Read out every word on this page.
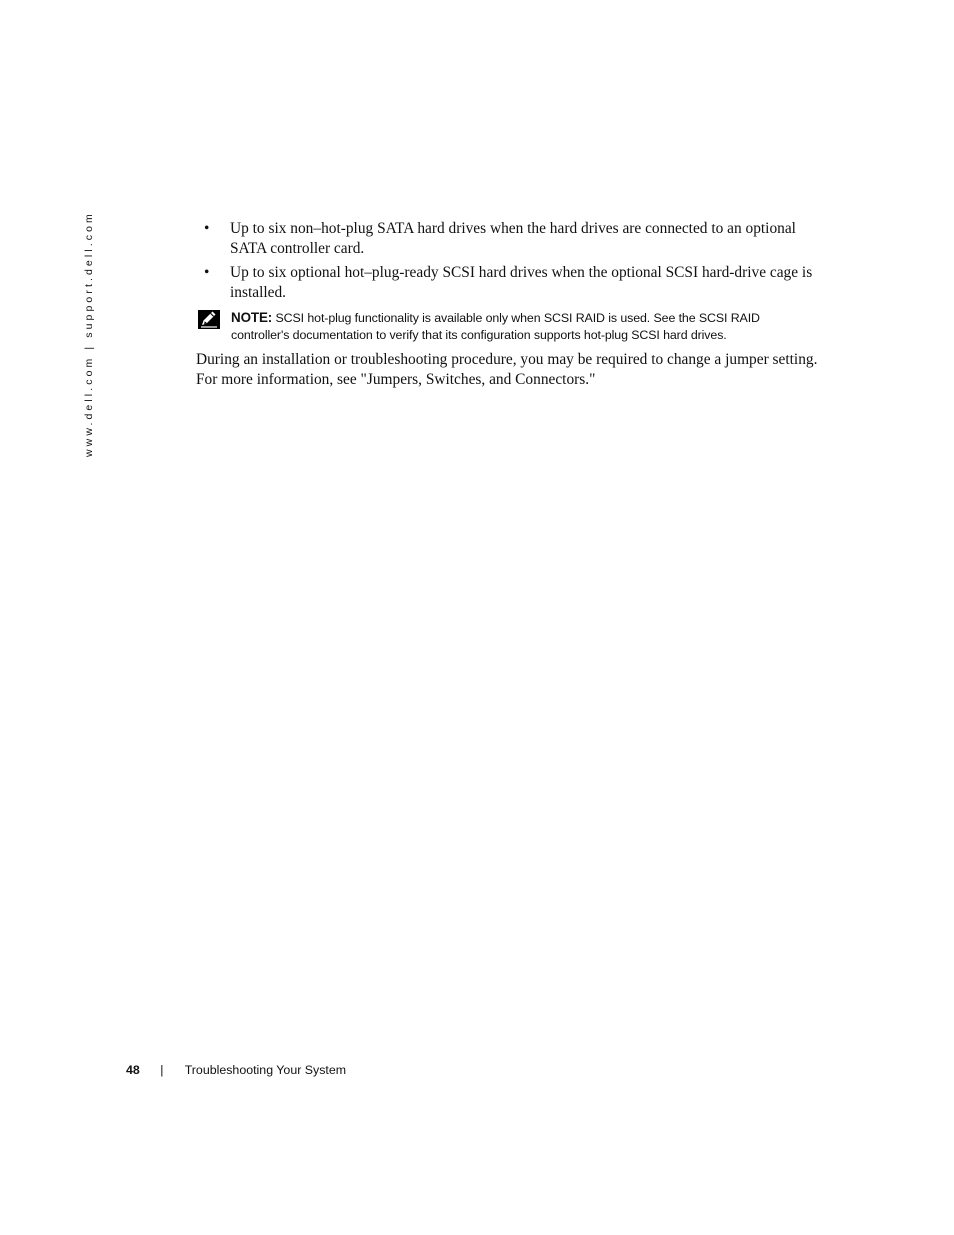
www.dell.com | support.dell.com	• Up to six non–hot-plug SATA hard drives when the hard drives are connected to an optional SATA controller card.
• Up to six optional hot–plug-ready SCSI hard drives when the optional SCSI hard-drive cage is installed.
NOTE: SCSI hot-plug functionality is available only when SCSI RAID is used. See the SCSI RAID controller's documentation to verify that its configuration supports hot-plug SCSI hard drives.

During an installation or troubleshooting procedure, you may be required to change a jumper setting. For more information, see "Jumpers, Switches, and Connectors."

48 | Troubleshooting Your System
